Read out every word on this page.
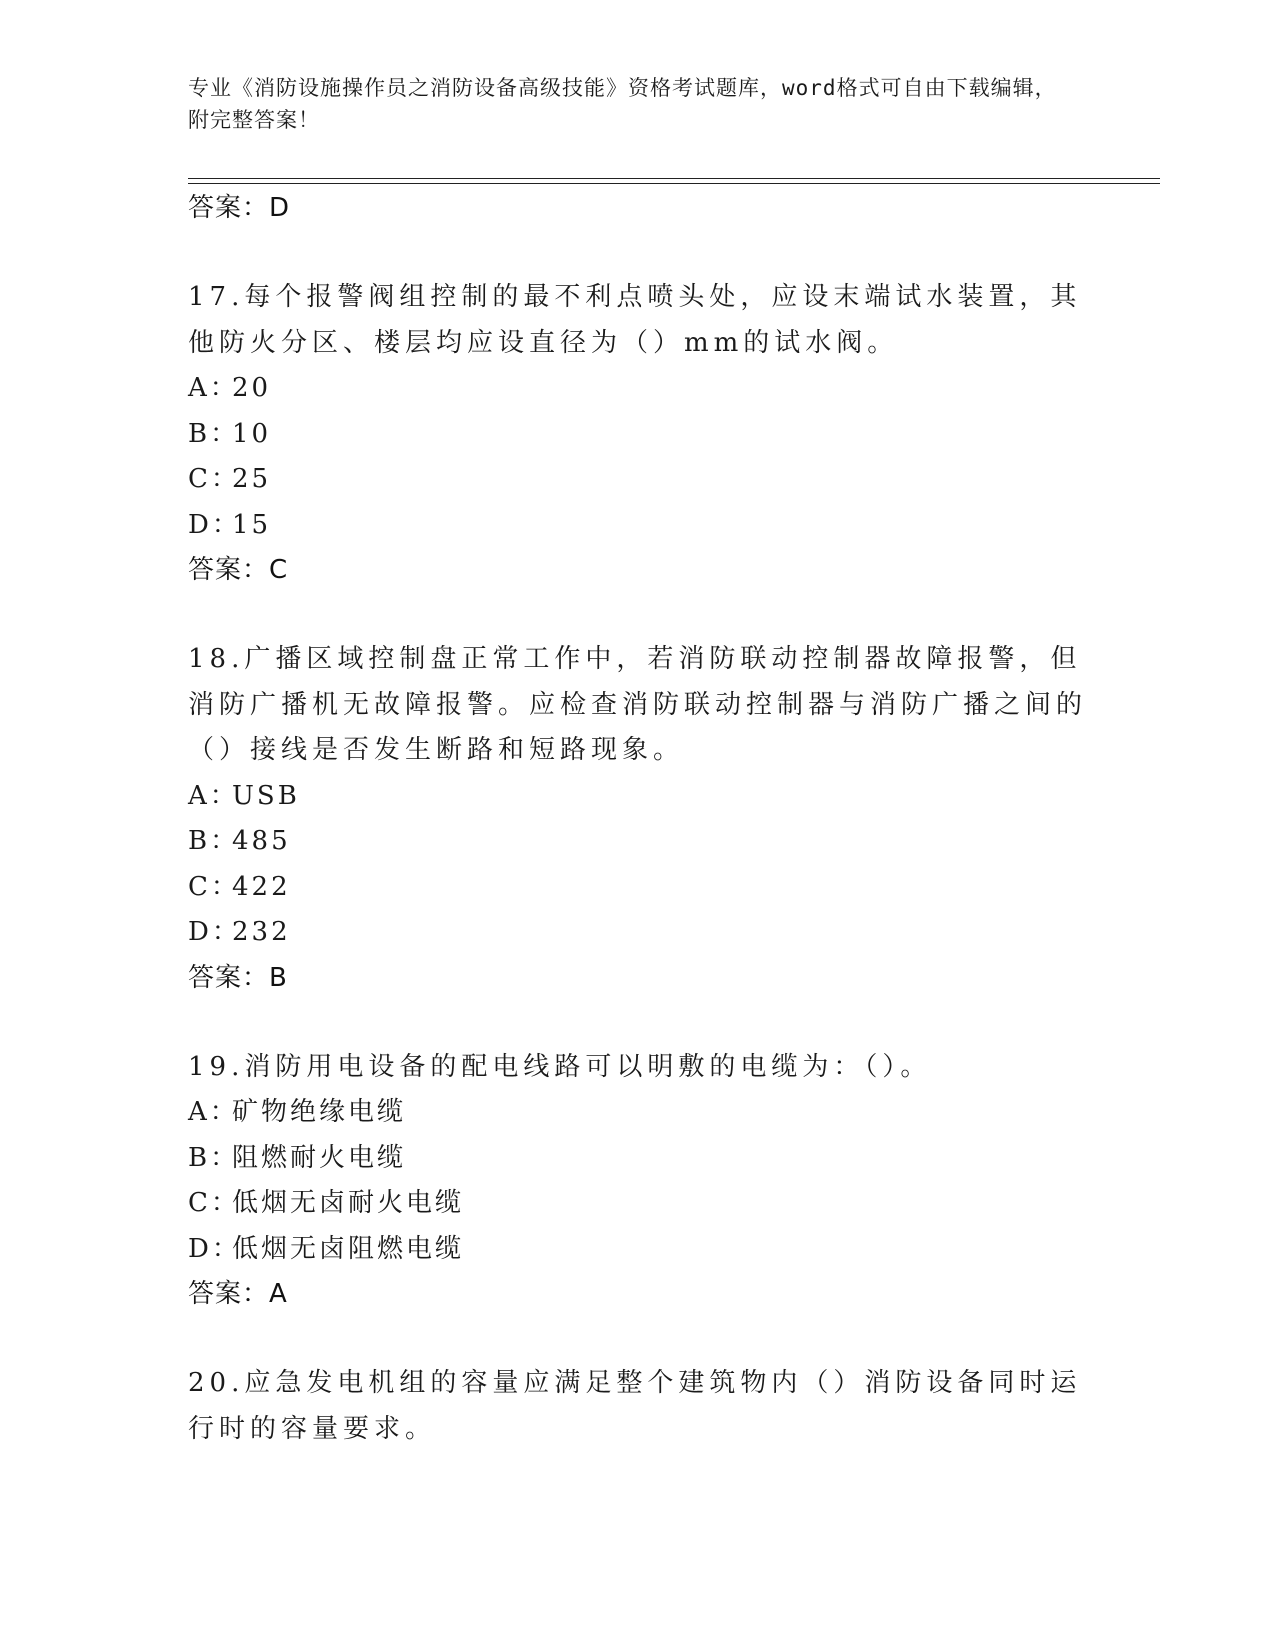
专业《消防设施操作员之消防设备高级技能》资格考试题库，word格式可自由下载编辑，附完整答案！
答案：D
17.每个报警阀组控制的最不利点喷头处，应设末端试水装置，其他防火分区、楼层均应设直径为（）mm的试水阀。
A：20
B：10
C：25
D：15
答案：C
18.广播区域控制盘正常工作中，若消防联动控制器故障报警，但消防广播机无故障报警。应检查消防联动控制器与消防广播之间的（）接线是否发生断路和短路现象。
A：USB
B：485
C：422
D：232
答案：B
19.消防用电设备的配电线路可以明敷的电缆为：（）。
A：矿物绝缘电缆
B：阻燃耐火电缆
C：低烟无卤耐火电缆
D：低烟无卤阻燃电缆
答案：A
20.应急发电机组的容量应满足整个建筑物内（）消防设备同时运行时的容量要求。
